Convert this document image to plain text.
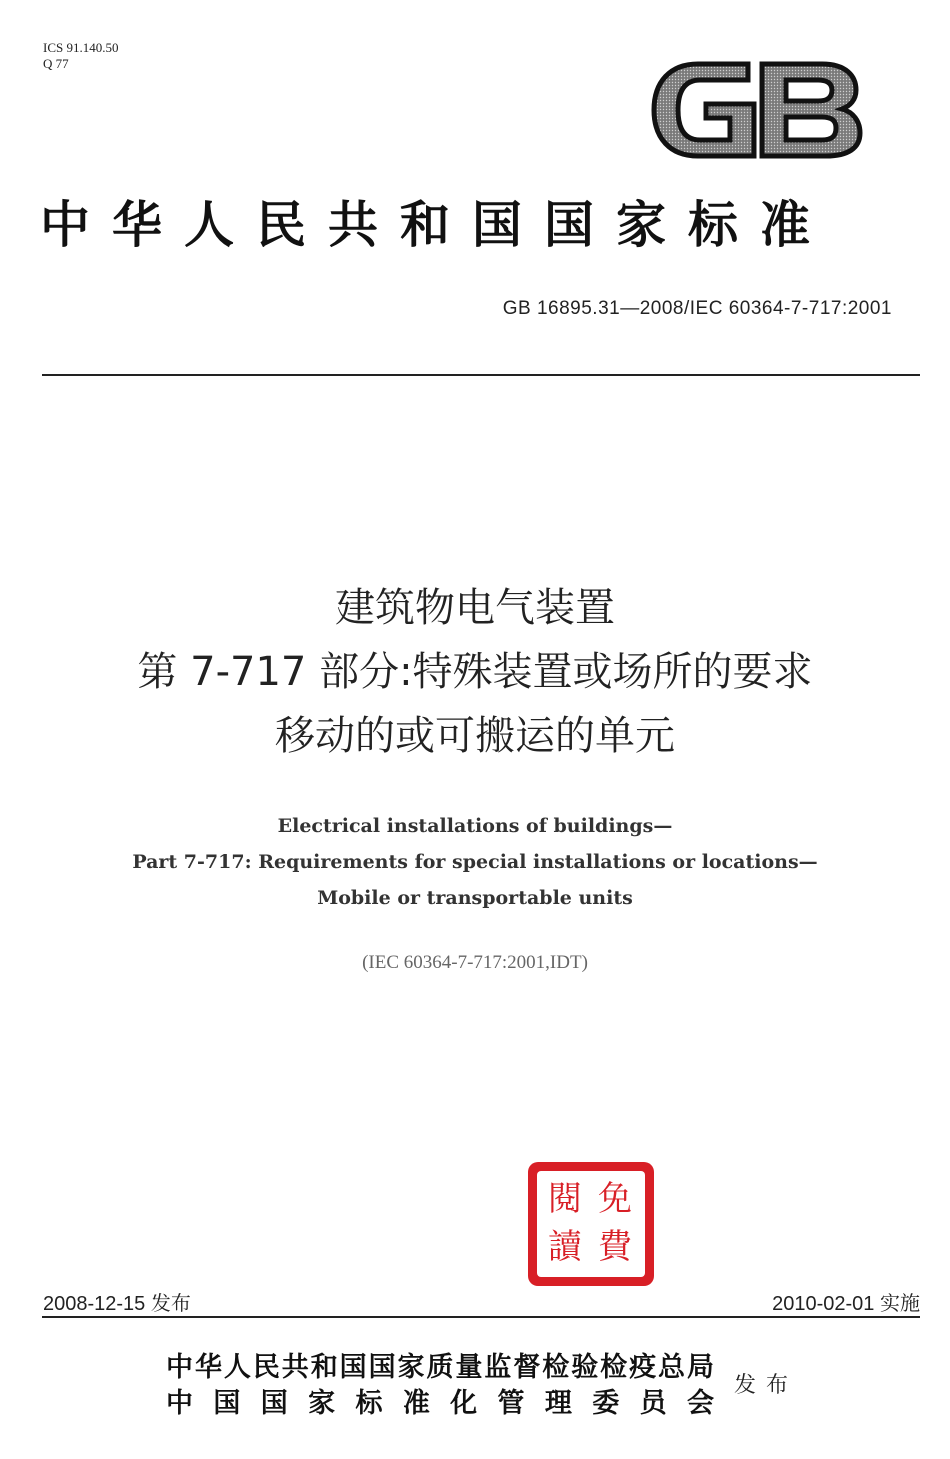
ICS 91.140.50
Q 77
中华人民共和国国家标准
GB 16895.31—2008/IEC 60364-7-717:2001
建筑物电气装置
第 7-717 部分:特殊装置或场所的要求
移动的或可搬运的单元
Electrical installations of buildings—
Part 7-717: Requirements for special installations or locations—
Mobile or transportable units
(IEC 60364-7-717:2001,IDT)
閱 免
讀 費
2008-12-15 发布	2010-02-01 实施
中华人民共和国国家质量监督检验检疫总局
中国国家标准化管理委员会
发布
